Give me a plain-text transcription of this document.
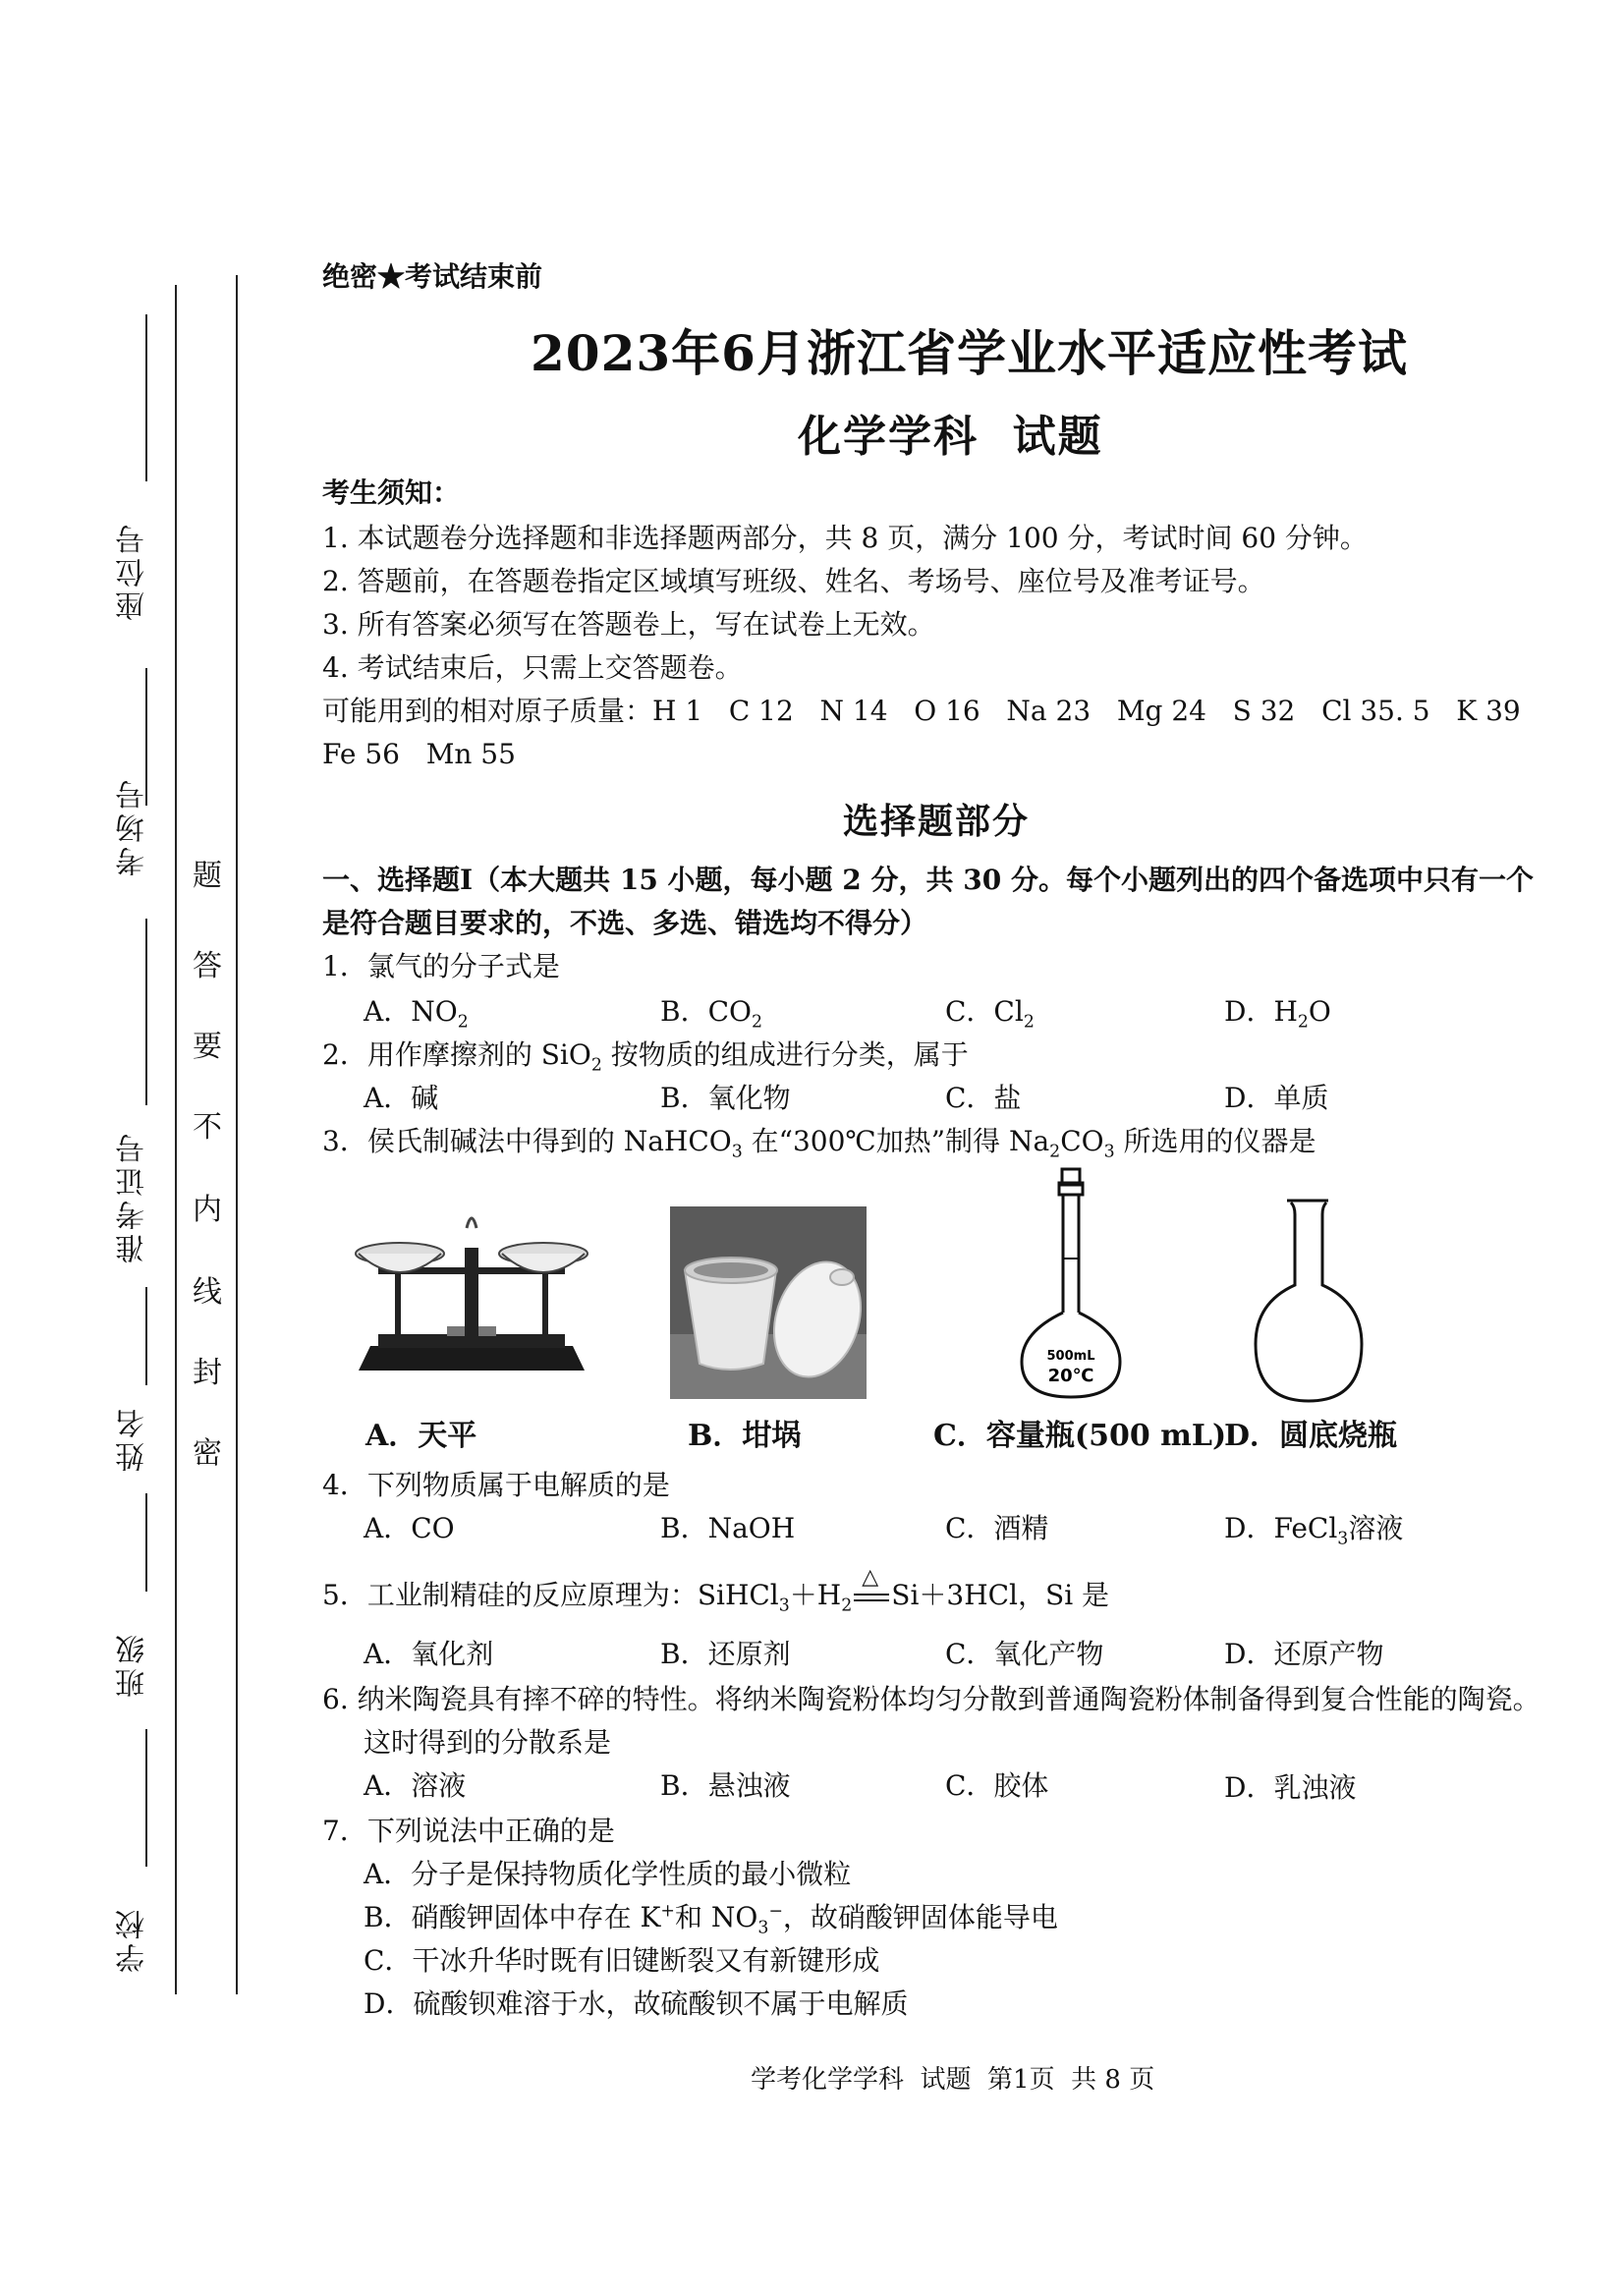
座位号
考场号
准考证号
姓名
班级
学校
题
答
要
不
内
线
封
密
绝密★考试结束前
2023年6月浙江省学业水平适应性考试
化学学科  试题
考生须知：
1. 本试题卷分选择题和非选择题两部分，共 8 页，满分 100 分，考试时间 60 分钟。
2. 答题前，在答题卷指定区域填写班级、姓名、考场号、座位号及准考证号。
3. 所有答案必须写在答题卷上，写在试卷上无效。
4. 考试结束后，只需上交答题卷。
可能用到的相对原子质量：H 1   C 12   N 14   O 16   Na 23   Mg 24   S 32   Cl 35. 5   K 39
Fe 56   Mn 55
选择题部分
一、选择题Ⅰ（本大题共 15 小题，每小题 2 分，共 30 分。每个小题列出的四个备选项中只有一个
是符合题目要求的，不选、多选、错选均不得分）
1．氯气的分子式是
A．$NO_2$	B．$CO_2$	C．$Cl_2$	D．$H_2O$
2．用作摩擦剂的 SiO$_2$ 按物质的组成进行分类，属于
A．碱	B．氧化物	C．盐	D．单质
3．侯氏制碱法中得到的 NaHCO$_3$ 在“300℃加热”制得 $Na_2CO_3$ 所选用的仪器是
500mL
20℃
A．天平	B．坩埚	C．容量瓶(500 mL)
D．圆底烧瓶
4．下列物质属于电解质的是
A．CO	B．NaOH	C．酒精	D．FeCl$_3$溶液
5．工业制精硅的反应原理为：$SiHCl_3+H_2$
△
Si＋3HCl，Si 是
A．氧化剂	B．还原剂	C．氧化产物	D．还原产物
6. 纳米陶瓷具有摔不碎的特性。将纳米陶瓷粉体均匀分散到普通陶瓷粉体制备得到复合性能的陶瓷。
这时得到的分散系是
A．溶液	B．悬浊液	C．胶体	D．乳浊液
7．下列说法中正确的是
A．分子是保持物质化学性质的最小微粒
B．硝酸钾固体中存在 K+和 $NO_3^-$，故硝酸钾固体能导电
C．干冰升华时既有旧键断裂又有新键形成
D．硫酸钡难溶于水，故硫酸钡不属于电解质
学考化学学科  试题  第1页  共 8 页
